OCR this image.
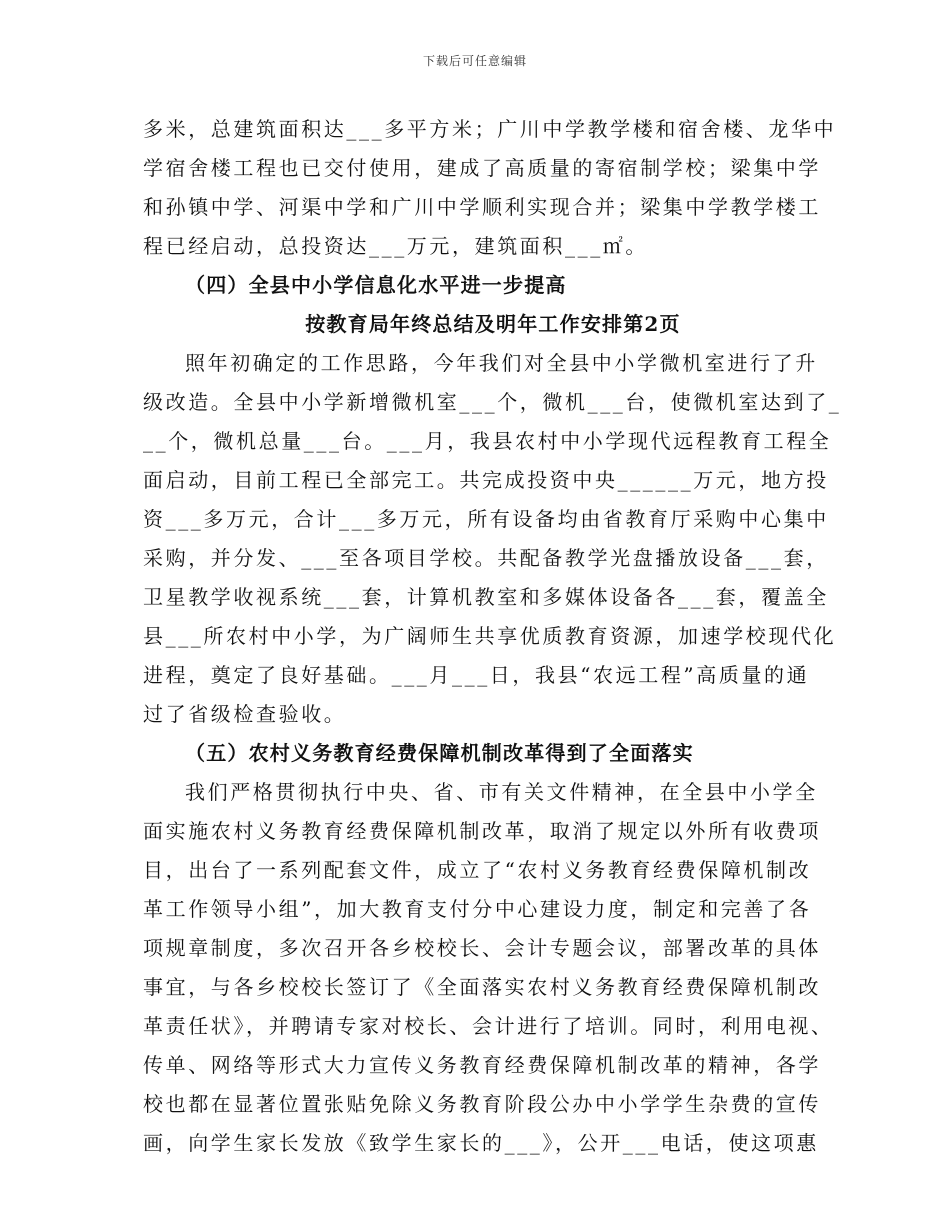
下载后可任意编辑
多米，总建筑面积达___多平方米；广川中学教学楼和宿舍楼、龙华中
学宿舍楼工程也已交付使用，建成了高质量的寄宿制学校；梁集中学
和孙镇中学、河渠中学和广川中学顺利实现合并；梁集中学教学楼工
程已经启动，总投资达___万元，建筑面积___㎡。
（四）全县中小学信息化水平进一步提高
按教育局年终总结及明年工作安排第2页
照年初确定的工作思路，今年我们对全县中小学微机室进行了升
级改造。全县中小学新增微机室___个，微机___台，使微机室达到了_
__个，微机总量___台。___月，我县农村中小学现代远程教育工程全
面启动，目前工程已全部完工。共完成投资中央______万元，地方投
资___多万元，合计___多万元，所有设备均由省教育厅采购中心集中
采购，并分发、___至各项目学校。共配备教学光盘播放设备___套，
卫星教学收视系统___套，计算机教室和多媒体设备各___套，覆盖全
县___所农村中小学，为广阔师生共享优质教育资源，加速学校现代化
进程，奠定了良好基础。___月___日，我县“农远工程”高质量的通
过了省级检查验收。
（五）农村义务教育经费保障机制改革得到了全面落实
我们严格贯彻执行中央、省、市有关文件精神，在全县中小学全
面实施农村义务教育经费保障机制改革，取消了规定以外所有收费项
目，出台了一系列配套文件，成立了“农村义务教育经费保障机制改
革工作领导小组”，加大教育支付分中心建设力度，制定和完善了各
项规章制度，多次召开各乡校校长、会计专题会议，部署改革的具体
事宜，与各乡校校长签订了《全面落实农村义务教育经费保障机制改
革责任状》，并聘请专家对校长、会计进行了培训。同时，利用电视、
传单、网络等形式大力宣传义务教育经费保障机制改革的精神，各学
校也都在显著位置张贴免除义务教育阶段公办中小学学生杂费的宣传
画，向学生家长发放《致学生家长的___》，公开___电话，使这项惠
